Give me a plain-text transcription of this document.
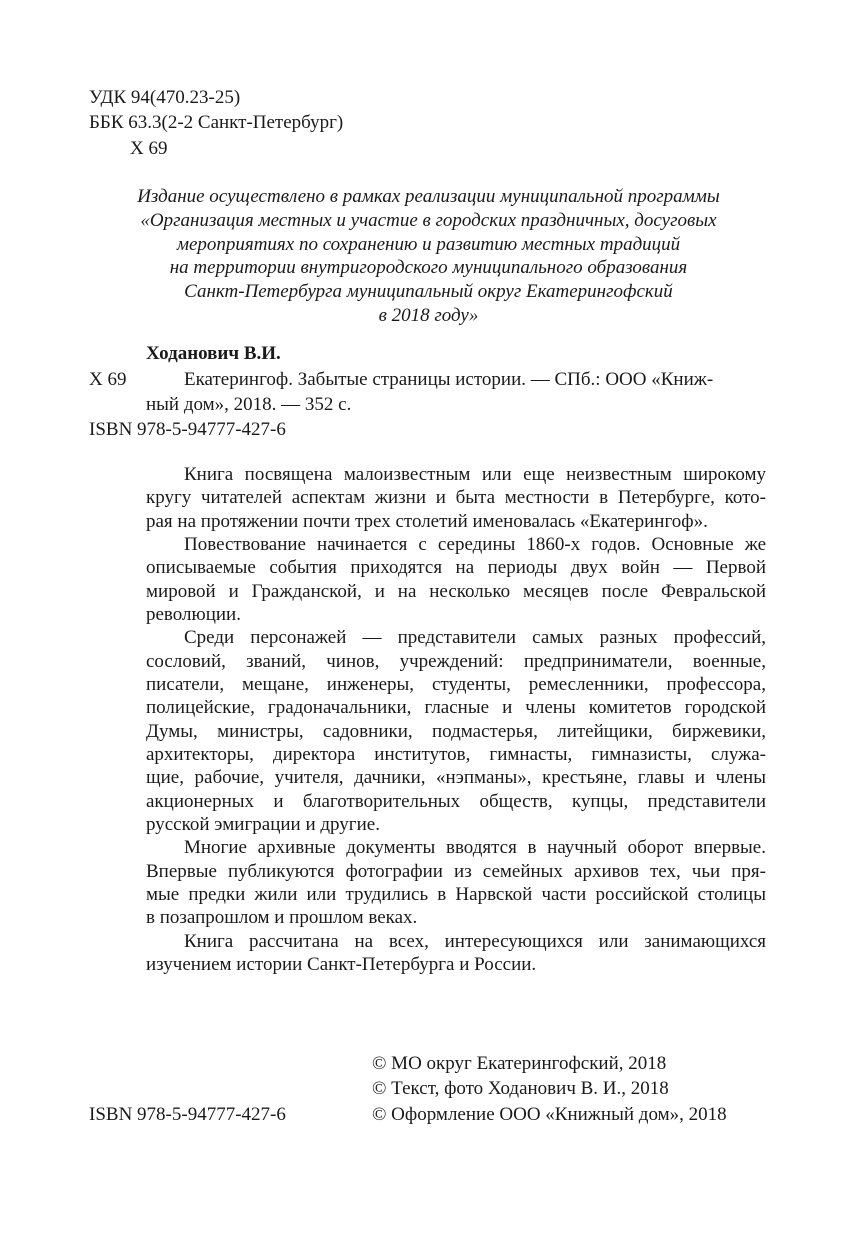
УДК 94(470.23-25)

ББК 63.3(2-2 Санкт-Петербург)

Х 69

Издание осуществлено в рамках реализации муниципальной программы
«Организация местных и участие в городских праздничных, досуговых
мероприятиях по сохранению и развитию местных традиций
на территории внутригородского муниципального образования
Санкт-Петербурга муниципальный округ Екатерингофский
в 2018 году»

Ходанович В.И.

Х 69	Екатерингоф. Забытые страницы истории. — СПб.: ООО «Книж-

ный дом», 2018. — 352 с.

ISBN 978-5-94777-427-6

Книга посвящена малоизвестным или еще неизвестным широкому
кругу читателей аспектам жизни и быта местности в Петербурге, кото-
рая на протяжении почти трех столетий именовалась «Екатерингоф».
Повествование начинается с середины 1860-х годов. Основные же
описываемые события приходятся на периоды двух войн — Первой
мировой и Гражданской, и на несколько месяцев после Февральской
революции.
Среди персонажей — представители самых разных профессий,
сословий, званий, чинов, учреждений: предприниматели, военные,
писатели, мещане, инженеры, студенты, ремесленники, профессора,
полицейские, градоначальники, гласные и члены комитетов городской
Думы, министры, садовники, подмастерья, литейщики, биржевики,
архитекторы, директора институтов, гимнасты, гимназисты, служа-
щие, рабочие, учителя, дачники, «нэпманы», крестьяне, главы и члены
акционерных и благотворительных обществ, купцы, представители
русской эмиграции и другие.
Многие архивные документы вводятся в научный оборот впервые.
Впервые публикуются фотографии из семейных архивов тех, чьи пря-
мые предки жили или трудились в Нарвской части российской столицы
в позапрошлом и прошлом веках.
Книга рассчитана на всех, интересующихся или занимающихся
изучением истории Санкт-Петербурга и России.

ISBN 978-5-94777-427-6

© МО округ Екатерингофский, 2018

© Текст, фото Ходанович В. И., 2018

© Оформление ООО «Книжный дом», 2018
